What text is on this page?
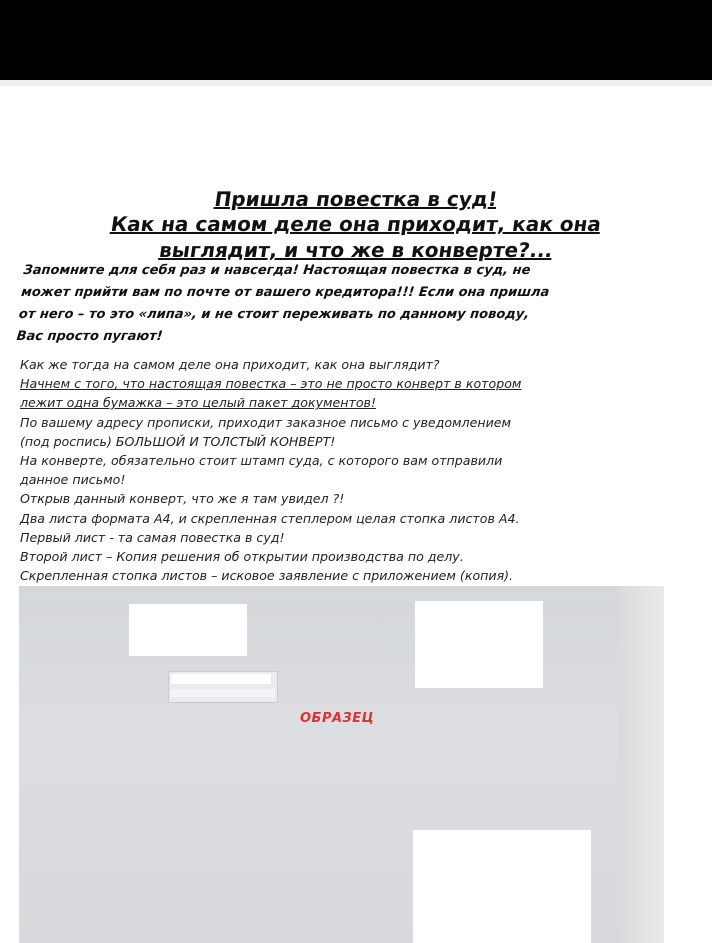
Пришла повестка в суд!
Как на самом деле она приходит, как она
выглядит, и что же в конверте?...
Запомните для себя раз и навсегда! Настоящая повестка в суд, не
может прийти вам по почте от вашего кредитора!!! Если она пришла
от него – то это «липа», и не стоит переживать по данному поводу,
Вас просто пугают!
Как же тогда на самом деле она приходит, как она выглядит?
Начнем с того, что настоящая повестка – это не просто конверт в котором
лежит одна бумажка – это целый пакет документов!
По вашему адресу прописки, приходит заказное письмо с уведомлением
(под роспись) БОЛЬШОЙ И ТОЛСТЫЙ КОНВЕРТ!
На конверте, обязательно стоит штамп суда, с которого вам отправили
данное письмо!
Открыв данный конверт, что же я там увидел ?!
Два листа формата А4, и скрепленная степлером целая стопка листов А4.
Первый лист - та самая повестка в суд!
Второй лист – Копия решения об открытии производства по делу.
Скрепленная стопка листов – исковое заявление с приложением (копия).
ОБРАЗЕЦ
